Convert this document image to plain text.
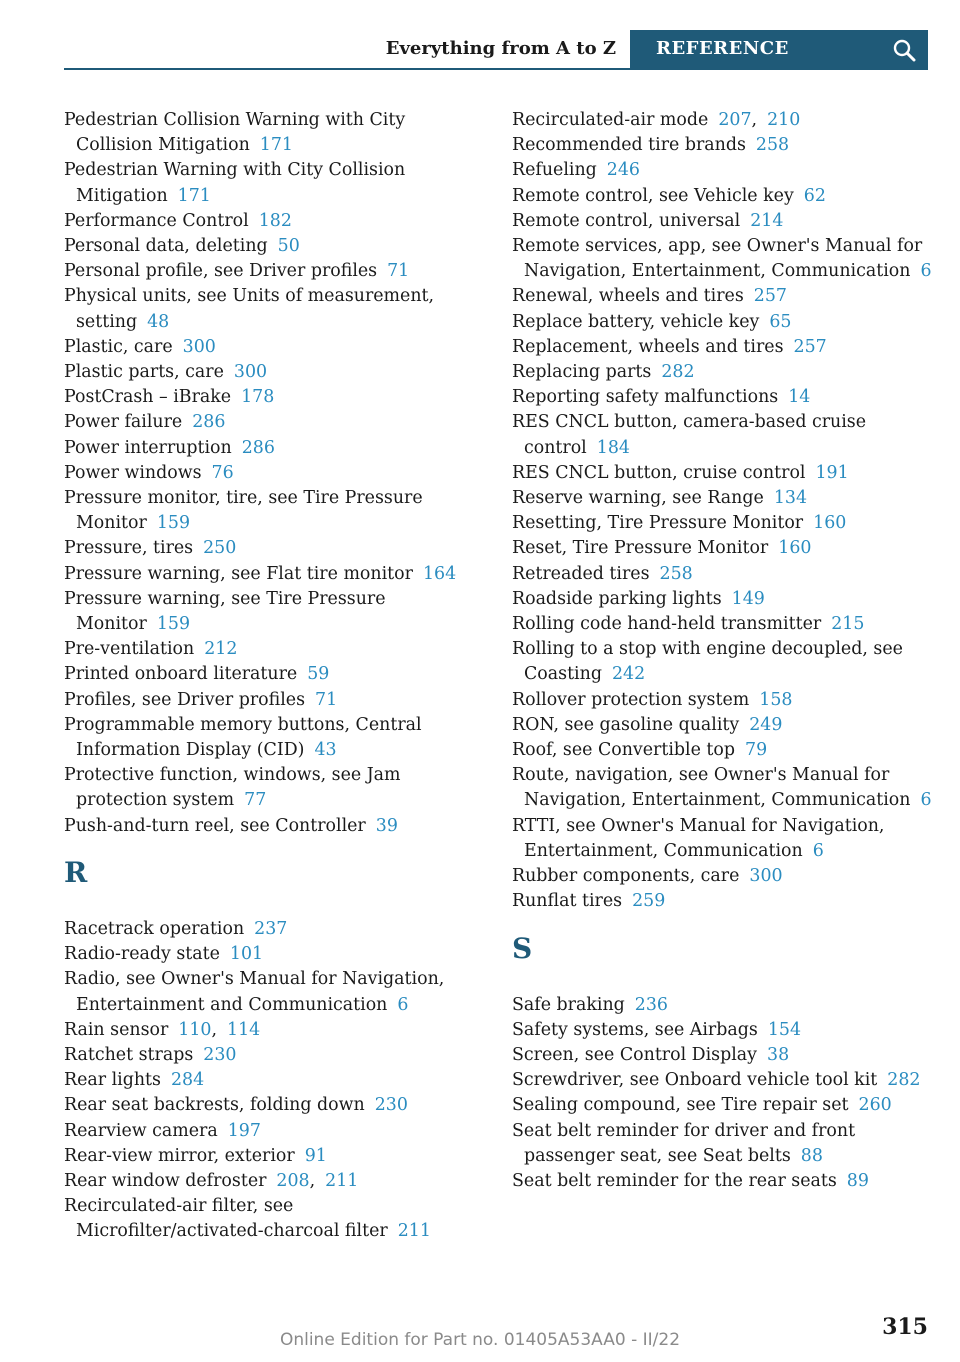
Everything from A to Z REFERENCE

Pedestrian Collision Warning with City Collision Mitigation 171

Pedestrian Warning with City Collision Mitigation 171

Performance Control 182

Personal data, deleting 50

Personal profile, see Driver profiles 71

Physical units, see Units of measurement, setting 48

Plastic, care 300

Plastic parts, care 300

PostCrash – iBrake 178

Power failure 286

Power interruption 286

Power windows 76

Pressure monitor, tire, see Tire Pressure Monitor 159

Pressure, tires 250

Pressure warning, see Flat tire monitor 164

Pressure warning, see Tire Pressure Monitor 159

Pre-ventilation 212

Printed onboard literature 59

Profiles, see Driver profiles 71

Programmable memory buttons, Central Information Display (CID) 43

Protective function, windows, see Jam protection system 77

Push-and-turn reel, see Controller 39

R

Racetrack operation 237

Radio-ready state 101

Radio, see Owner's Manual for Navigation, Entertainment and Communication 6

Rain sensor 110, 114

Ratchet straps 230

Rear lights 284

Rear seat backrests, folding down 230

Rearview camera 197

Rear-view mirror, exterior 91

Rear window defroster 208, 211

Recirculated-air filter, see Microfilter/activated-charcoal filter 211

Recirculated-air mode 207, 210

Recommended tire brands 258

Refueling 246

Remote control, see Vehicle key 62

Remote control, universal 214

Remote services, app, see Owner's Manual for Navigation, Entertainment, Communication 6

Renewal, wheels and tires 257

Replace battery, vehicle key 65

Replacement, wheels and tires 257

Replacing parts 282

Reporting safety malfunctions 14

RES CNCL button, camera-based cruise control 184

RES CNCL button, cruise control 191

Reserve warning, see Range 134

Resetting, Tire Pressure Monitor 160

Reset, Tire Pressure Monitor 160

Retreaded tires 258

Roadside parking lights 149

Rolling code hand-held transmitter 215

Rolling to a stop with engine decoupled, see Coasting 242

Rollover protection system 158

RON, see gasoline quality 249

Roof, see Convertible top 79

Route, navigation, see Owner's Manual for Navigation, Entertainment, Communication 6

RTTI, see Owner's Manual for Navigation, Entertainment, Communication 6

Rubber components, care 300

Runflat tires 259

S

Safe braking 236

Safety systems, see Airbags 154

Screen, see Control Display 38

Screwdriver, see Onboard vehicle tool kit 282

Sealing compound, see Tire repair set 260

Seat belt reminder for driver and front passenger seat, see Seat belts 88

Seat belt reminder for the rear seats 89

315
Online Edition for Part no. 01405A53AA0 - II/22
